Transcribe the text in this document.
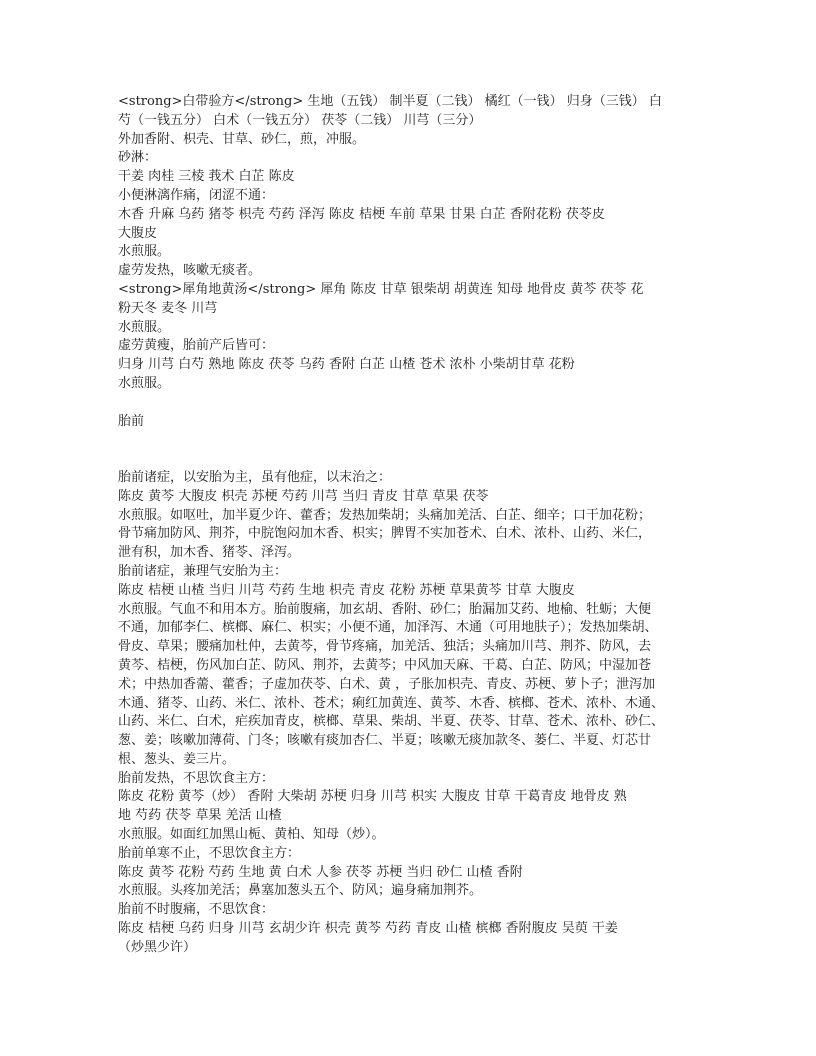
<strong>白带验方</strong> 生地（五钱） 制半夏（二钱） 橘红（一钱） 归身（三钱） 白
芍（一钱五分） 白术（一钱五分） 茯苓（二钱） 川芎（三分）
外加香附、枳壳、甘草、砂仁，煎，冲服。
砂淋：
干姜 肉桂 三棱 莪术 白芷 陈皮
小便淋漓作痛，闭涩不通：
木香 升麻 乌药 猪苓 枳壳 芍药 泽泻 陈皮 桔梗 车前 草果 甘果 白芷 香附花粉 茯苓皮
大腹皮
水煎服。
虚劳发热，咳嗽无痰者。
<strong>犀角地黄汤</strong> 犀角 陈皮 甘草 银柴胡 胡黄连 知母 地骨皮 黄芩 茯苓 花
粉天冬 麦冬 川芎
水煎服。
虚劳黄瘦，胎前产后皆可：
归身 川芎 白芍 熟地 陈皮 茯苓 乌药 香附 白芷 山楂 苍术 浓朴 小柴胡甘草 花粉
水煎服。
胎前
胎前诸症，以安胎为主，虽有他症，以末治之：
陈皮 黄芩 大腹皮 枳壳 苏梗 芍药 川芎 当归 青皮 甘草 草果 茯苓
水煎服。如呕吐，加半夏少许、藿香；发热加柴胡；头痛加羌活、白芷、细辛；口干加花粉；
骨节痛加防风、荆芥，中脘饱闷加木香、枳实；脾胃不实加苍术、白术、浓朴、山药、米仁，
泄有积，加木香、猪苓、泽泻。
胎前诸症，兼理气安胎为主：
陈皮 桔梗 山楂 当归 川芎 芍药 生地 枳壳 青皮 花粉 苏梗 草果黄芩 甘草 大腹皮
水煎服。气血不和用本方。胎前腹痛，加玄胡、香附、砂仁；胎漏加艾药、地榆、牡蛎；大便
不通，加郁李仁、槟榔、麻仁、枳实；小便不通，加泽泻、木通（可用地肤子）；发热加柴胡、
骨皮、草果；腰痛加杜仲，去黄芩，骨节疼痛，加羌活、独活；头痛加川芎、荆芥、防风，去
黄芩、桔梗，伤风加白芷、防风、荆芥，去黄芩；中风加天麻、干葛、白芷、防风；中湿加苍
术；中热加香薷、藿香；子虚加茯苓、白术、黄 ，子胀加枳壳、青皮、苏梗、萝卜子；泄泻加
木通、猪苓、山药、米仁、浓朴、苍术；痢红加黄连、黄芩、木香、槟榔、苍术、浓朴、木通、
山药、米仁、白术，疟疾加青皮，槟榔、草果、柴胡、半夏、茯苓、甘草、苍术、浓朴、砂仁、
葱、姜；咳嗽加薄荷、门冬；咳嗽有痰加杏仁、半夏；咳嗽无痰加款冬、蒌仁、半夏、灯芯廿
根、葱头、姜三片。
胎前发热，不思饮食主方：
陈皮 花粉 黄芩（炒） 香附 大柴胡 苏梗 归身 川芎 枳实 大腹皮 甘草 干葛青皮 地骨皮 熟
地 芍药 茯苓 草果 羌活 山楂
水煎服。如面红加黑山栀、黄柏、知母（炒）。
胎前单寒不止，不思饮食主方：
陈皮 黄芩 花粉 芍药 生地 黄 白术 人参 茯苓 苏梗 当归 砂仁 山楂 香附
水煎服。头疼加羌活；鼻塞加葱头五个、防风；遍身痛加荆芥。
胎前不时腹痛，不思饮食：
陈皮 桔梗 乌药 归身 川芎 玄胡少许 枳壳 黄芩 芍药 青皮 山楂 槟榔 香附腹皮 吴萸 干姜
（炒黑少许）
